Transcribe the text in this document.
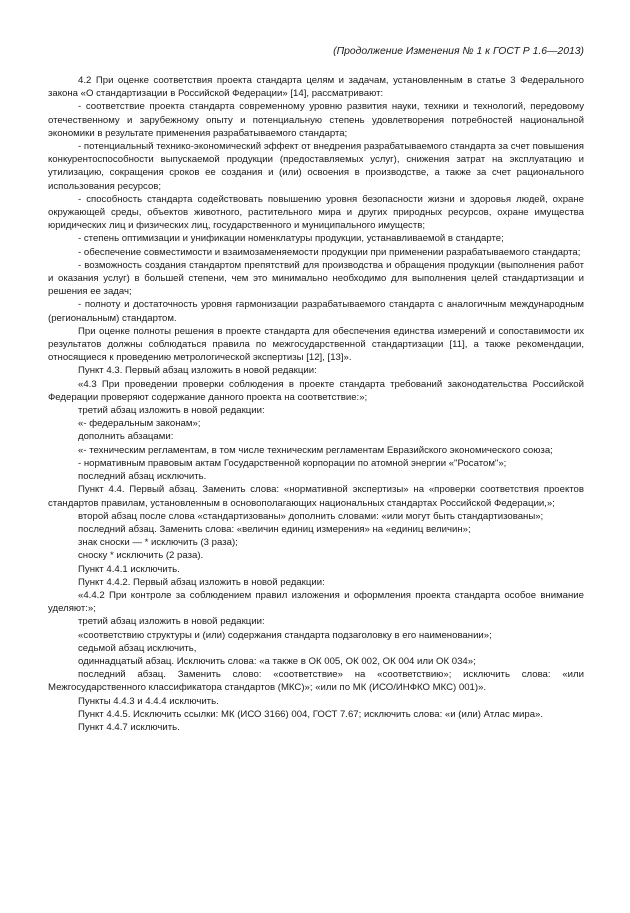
(Продолжение Изменения № 1 к ГОСТ Р 1.6—2013)

4.2 При оценке соответствия проекта стандарта целям и задачам, установленным в статье 3 Федерального закона «О стандартизации в Российской Федерации» [14], рассматривают:

- соответствие проекта стандарта современному уровню развития науки, техники и технологий, передовому отечественному и зарубежному опыту и потенциальную степень удовлетворения потребностей национальной экономики в результате применения разрабатываемого стандарта;

- потенциальный технико-экономический эффект от внедрения разрабатываемого стандарта за счет повышения конкурентоспособности выпускаемой продукции (предоставляемых услуг), снижения затрат на эксплуатацию и утилизацию, сокращения сроков ее создания и (или) освоения в производстве, а также за счет рационального использования ресурсов;

- способность стандарта содействовать повышению уровня безопасности жизни и здоровья людей, охране окружающей среды, объектов животного, растительного мира и других природных ресурсов, охране имущества юридических лиц и физических лиц, государственного и муниципального имуществ;

- степень оптимизации и унификации номенклатуры продукции, устанавливаемой в стандарте;

- обеспечение совместимости и взаимозаменяемости продукции при применении разрабатываемого стандарта;

- возможность создания стандартом препятствий для производства и обращения продукции (выполнения работ и оказания услуг) в большей степени, чем это минимально необходимо для выполнения целей стандартизации и решения ее задач;

- полноту и достаточность уровня гармонизации разрабатываемого стандарта с аналогичным международным (региональным) стандартом.

При оценке полноты решения в проекте стандарта для обеспечения единства измерений и сопоставимости их результатов должны соблюдаться правила по межгосударственной стандартизации [11], а также рекомендации, относящиеся к проведению метрологической экспертизы [12], [13]».

Пункт 4.3. Первый абзац изложить в новой редакции:

«4.3 При проведении проверки соблюдения в проекте стандарта требований законодательства Российской Федерации проверяют содержание данного проекта на соответствие:»;

третий абзац изложить в новой редакции:

«- федеральным законам»;

дополнить абзацами:

«- техническим регламентам, в том числе техническим регламентам Евразийского экономического союза;

- нормативным правовым актам Государственной корпорации по атомной энергии «"Росатом"»;

последний абзац исключить.

Пункт 4.4. Первый абзац. Заменить слова: «нормативной экспертизы» на «проверки соответствия проектов стандартов правилам, установленным в основополагающих национальных стандартах Российской Федерации,»;

второй абзац после слова «стандартизованы» дополнить словами: «или могут быть стандартизованы»;

последний абзац. Заменить слова: «величин единиц измерения» на «единиц величин»;

знак сноски — * исключить (3 раза);

сноску * исключить (2 раза).

Пункт 4.4.1 исключить.

Пункт 4.4.2. Первый абзац изложить в новой редакции:

«4.4.2 При контроле за соблюдением правил изложения и оформления проекта стандарта особое внимание уделяют:»;

третий абзац изложить в новой редакции:

«соответствию структуры и (или) содержания стандарта подзаголовку в его наименовании»;

седьмой абзац исключить,

одиннадцатый абзац. Исключить слова: «а также в ОК 005, ОК 002, ОК 004 или ОК 034»;

последний абзац. Заменить слово: «соответствие» на «соответствию»; исключить слова: «или Межгосударственного классификатора стандартов (МКС)»; «или по МК (ИСО/ИНФКО МКС) 001)».

Пункты 4.4.3 и 4.4.4 исключить.

Пункт 4.4.5. Исключить ссылки: МК (ИСО 3166) 004, ГОСТ 7.67; исключить слова: «и (или) Атлас мира».

Пункт 4.4.7 исключить.
